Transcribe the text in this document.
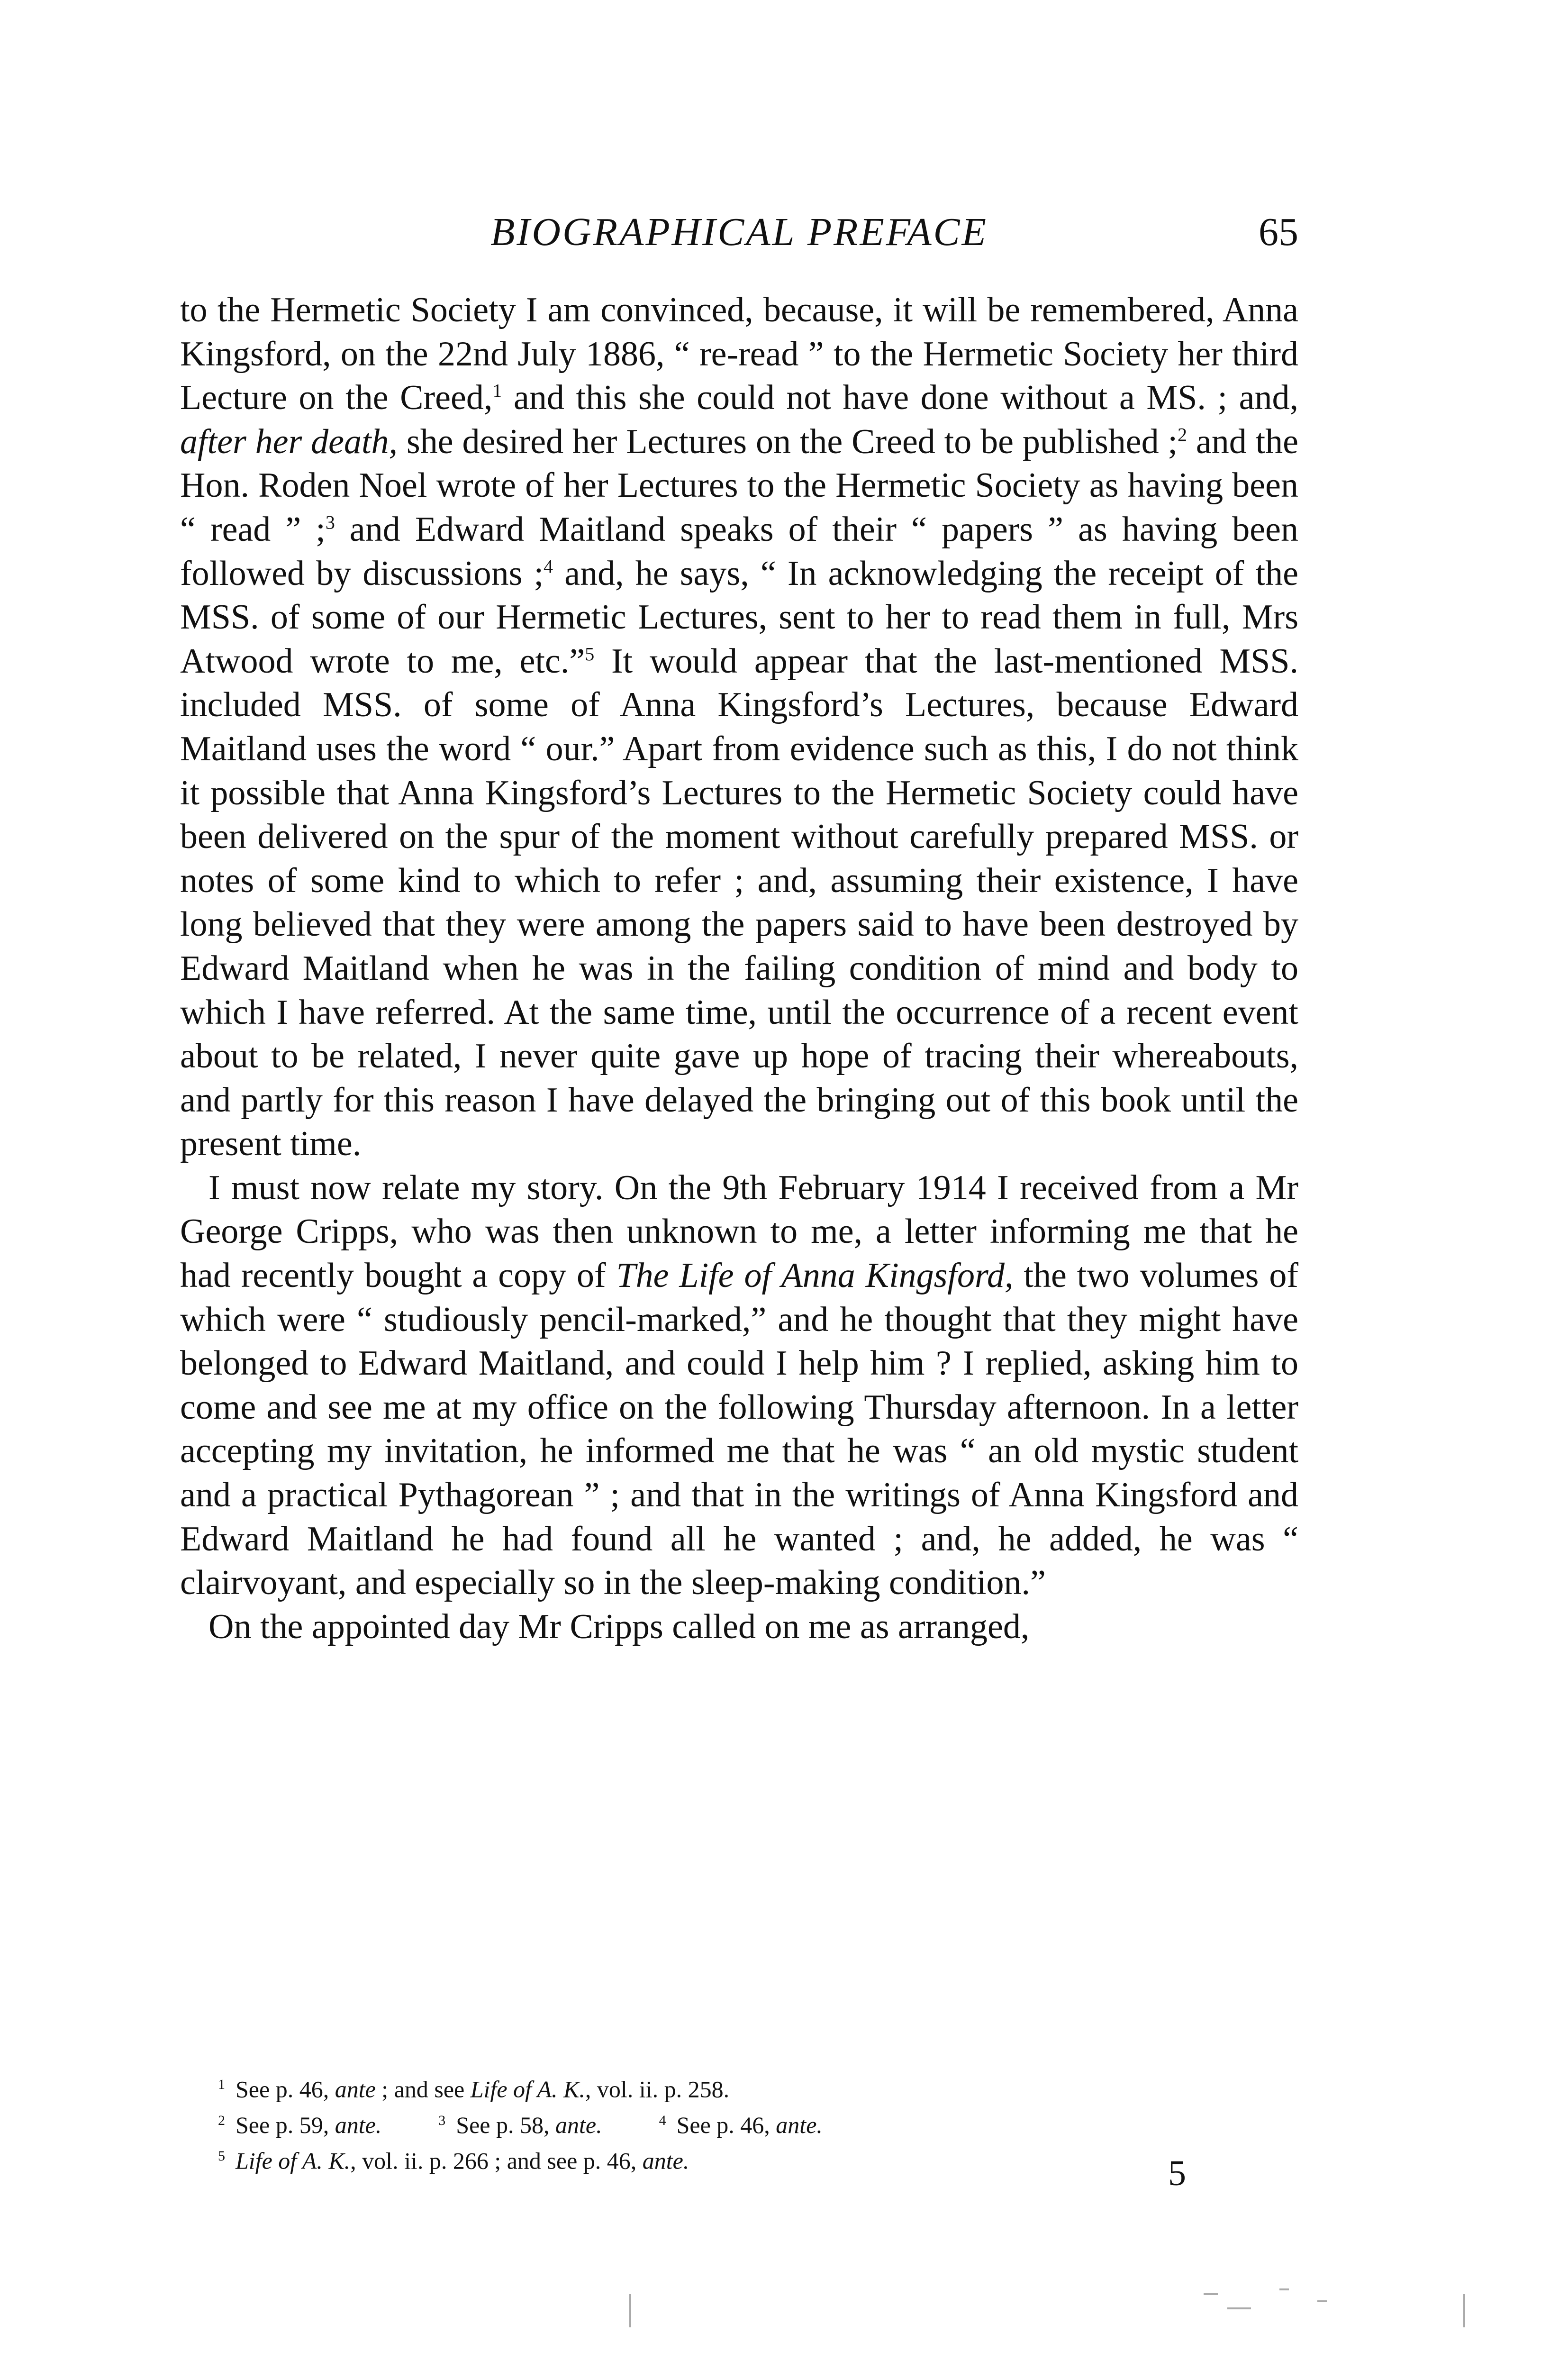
BIOGRAPHICAL PREFACE	65

to the Hermetic Society I am convinced, because, it will be remembered, Anna Kingsford, on the 22nd July 1886, “ re-read ” to the Hermetic Society her third Lecture on the Creed,$^1$ and this she could not have done without a MS. ; and, after her death, she desired her Lectures on the Creed to be published ;$^2$ and the Hon. Roden Noel wrote of her Lectures to the Hermetic Society as having been “ read ” ;$^3$ and Edward Maitland speaks of their “ papers ” as having been followed by discussions ;$^4$ and, he says, “ In acknowledging the receipt of the MSS. of some of our Hermetic Lectures, sent to her to read them in full, Mrs Atwood wrote to me, etc.”$^5$ It would appear that the last-mentioned MSS. included MSS. of some of Anna Kingsford’s Lectures, because Edward Maitland uses the word “ our.” Apart from evidence such as this, I do not think it possible that Anna Kingsford’s Lectures to the Hermetic Society could have been delivered on the spur of the moment without carefully prepared MSS. or notes of some kind to which to refer ; and, assuming their existence, I have long believed that they were among the papers said to have been destroyed by Edward Maitland when he was in the failing condition of mind and body to which I have referred. At the same time, until the occurrence of a recent event about to be related, I never quite gave up hope of tracing their whereabouts, and partly for this reason I have delayed the bringing out of this book until the present time.

I must now relate my story. On the 9th February 1914 I received from a Mr George Cripps, who was then unknown to me, a letter informing me that he had recently bought a copy of The Life of Anna Kingsford, the two volumes of which were “ studiously pencil-marked,” and he thought that they might have belonged to Edward Maitland, and could I help him ? I replied, asking him to come and see me at my office on the following Thursday afternoon. In a letter accepting my invitation, he informed me that he was “ an old mystic student and a practical Pythagorean ” ; and that in the writings of Anna Kingsford and Edward Maitland he had found all he wanted ; and, he added, he was “ clairvoyant, and especially so in the sleep-making condition.”

On the appointed day Mr Cripps called on me as arranged,

$^1$ See p. 46, ante ; and see Life of A. K., vol. ii. p. 258.
$^2$ See p. 59, ante.	$^3$ See p. 58, ante.	$^4$ See p. 46, ante.
$^5$ Life of A. K., vol. ii. p. 266 ; and see p. 46, ante.	5
